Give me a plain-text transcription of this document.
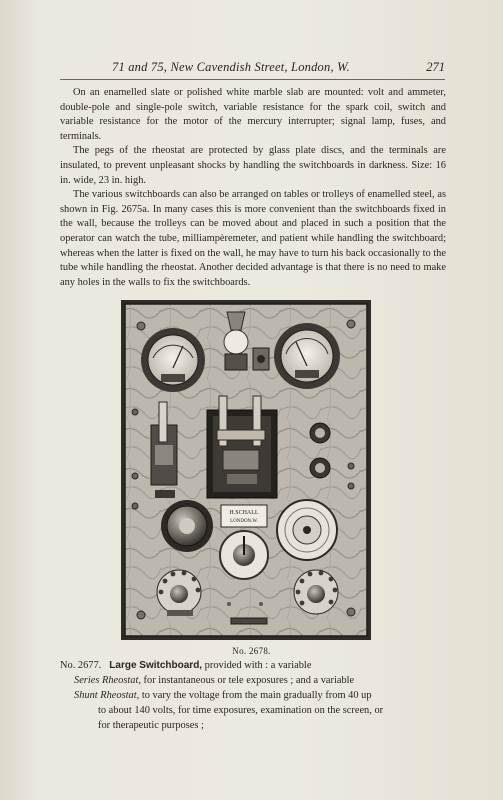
71 and 75, New Cavendish Street, London, W.	271

On an enamelled slate or polished white marble slab are mounted: volt and ammeter, double-pole and single-pole switch, variable resistance for the spark coil, switch and variable resistance for the motor of the mercury interrupter; signal lamp, fuses, and terminals.

The pegs of the rheostat are protected by glass plate discs, and the terminals are insulated, to prevent unpleasant shocks by handling the switchboards in darkness. Size: 16 in. wide, 23 in. high.

The various switchboards can also be arranged on tables or trolleys of enamelled steel, as shown in Fig. 2675a. In many cases this is more convenient than the switchboards fixed in the wall, because the trolleys can be moved about and placed in such a position that the operator can watch the tube, milliampèremeter, and patient while handling the switchboard; whereas when the latter is fixed on the wall, he may have to turn his back occasionally to the tube while handling the rheostat. Another decided advantage is that there is no need to make any holes in the walls to fix the switchboards.

H.SCHALL
LONDON.W.
No. 2678.
No. 2677. Large Switchboard, provided with : a variable
Series Rheostat, for instantaneous or tele exposures ; and a variable
Shunt Rheostat, to vary the voltage from the main gradually from 40 up
to about 140 volts, for time exposures, examination on the screen, or
for therapeutic purposes ;
